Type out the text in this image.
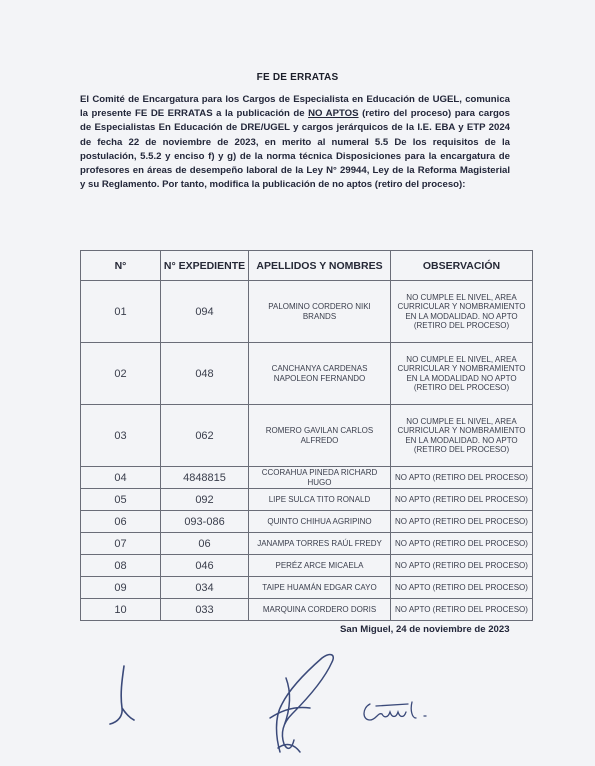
FE DE ERRATAS
El Comité de Encargatura para los Cargos de Especialista en Educación de UGEL, comunica la presente FE DE ERRATAS a la publicación de NO APTOS (retiro del proceso) para cargos de Especialistas En Educación de DRE/UGEL y cargos jerárquicos de la I.E. EBA y ETP 2024 de fecha 22 de noviembre de 2023, en merito al numeral 5.5 De los requisitos de la postulación, 5.5.2 y enciso f) y g) de la norma técnica Disposiciones para la encargatura de profesores en áreas de desempeño laboral de la Ley N° 29944, Ley de la Reforma Magisterial y su Reglamento. Por tanto, modifica la publicación de no aptos (retiro del proceso):
N°	N° EXPEDIENTE	APELLIDOS Y NOMBRES	OBSERVACIÓN
01	094	PALOMINO CORDERO NIKI BRANDS	NO CUMPLE EL NIVEL, AREA CURRICULAR Y NOMBRAMIENTO EN LA MODALIDAD. NO APTO (RETIRO DEL PROCESO)
02	048	CANCHANYA CARDENAS NAPOLEON FERNANDO	NO CUMPLE EL NIVEL, AREA CURRICULAR Y NOMBRAMIENTO EN LA MODALIDAD NO APTO (RETIRO DEL PROCESO)
03	062	ROMERO GAVILAN CARLOS ALFREDO	NO CUMPLE EL NIVEL, AREA CURRICULAR Y NOMBRAMIENTO EN LA MODALIDAD. NO APTO (RETIRO DEL PROCESO)
04	4848815	CCORAHUA PINEDA RICHARD HUGO	NO APTO (RETIRO DEL PROCESO)
05	092	LIPE SULCA TITO RONALD	NO APTO (RETIRO DEL PROCESO)
06	093-086	QUINTO CHIHUA AGRIPINO	NO APTO (RETIRO DEL PROCESO)
07	06	JANAMPA TORRES RAÚL FREDY	NO APTO (RETIRO DEL PROCESO)
08	046	PERÉZ ARCE MICAELA	NO APTO (RETIRO DEL PROCESO)
09	034	TAIPE HUAMÁN EDGAR CAYO	NO APTO (RETIRO DEL PROCESO)
10	033	MARQUINA CORDERO DORIS	NO APTO (RETIRO DEL PROCESO)
San Miguel, 24 de noviembre de 2023
